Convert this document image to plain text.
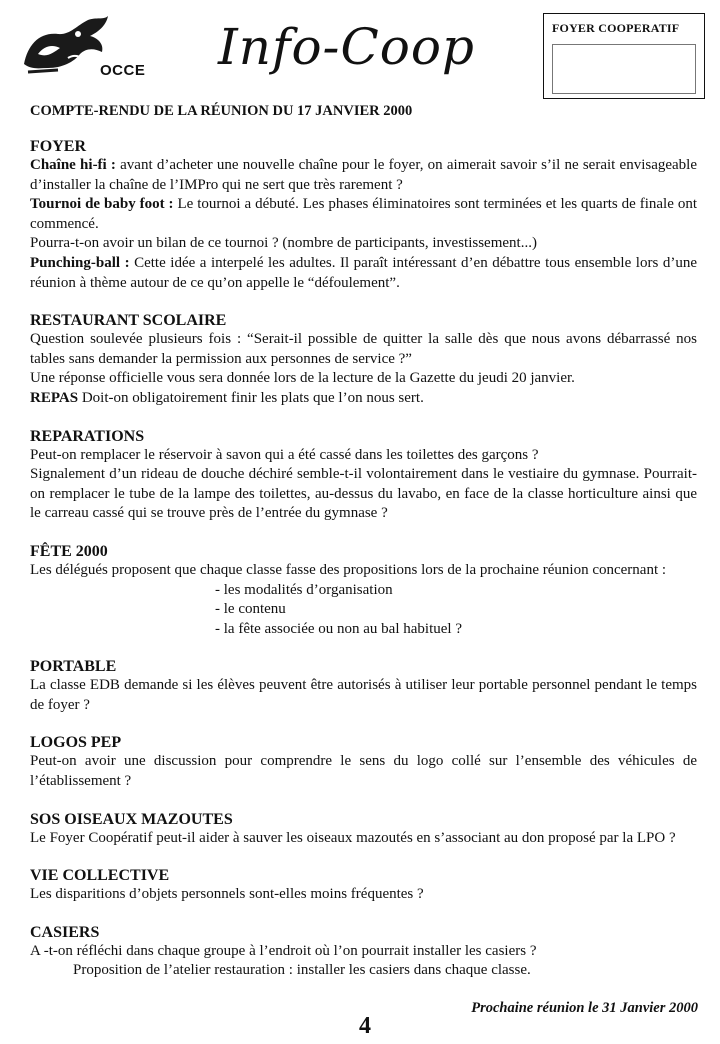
OCCE Info-Coop	FOYER COOPERATIF
COMPTE-RENDU DE LA RÉUNION DU 17 JANVIER 2000
FOYER

Chaîne hi-fi : avant d’acheter une nouvelle chaîne pour le foyer, on aimerait savoir s’il ne serait envisageable d’installer la chaîne de l’IMPro qui ne sert que très rarement ?

Tournoi de baby foot : Le tournoi a débuté. Les phases éliminatoires sont terminées et les quarts de finale ont commencé.

Pourra-t-on avoir un bilan de ce tournoi ? (nombre de participants, investissement...)

Punching-ball : Cette idée a interpelé les adultes. Il paraît intéressant d’en débattre tous ensemble lors d’une réunion à thème autour de ce qu’on appelle le “défoulement”.

RESTAURANT SCOLAIRE

Question soulevée plusieurs fois : “Serait-il possible de quitter la salle dès que nous avons débarrassé nos tables sans demander la permission aux personnes de service ?”

Une réponse officielle vous sera donnée lors de la lecture de la Gazette du jeudi 20 janvier.

REPAS Doit-on obligatoirement finir les plats que l’on nous sert.

REPARATIONS

Peut-on remplacer le réservoir à savon qui a été cassé dans les toilettes des garçons ?

Signalement d’un rideau de douche déchiré semble-t-il volontairement dans le vestiaire du gymnase. Pourrait-on remplacer le tube de la lampe des toilettes, au-dessus du lavabo, en face de la classe horticulture ainsi que le carreau cassé qui se trouve près de l’entrée du gymnase ?

FÊTE 2000

Les délégués proposent que chaque classe fasse des propositions lors de la prochaine réunion concernant :

- les modalités d’organisation
- le contenu
- la fête associée ou non au bal habituel ?
PORTABLE

La classe EDB demande si les élèves peuvent être autorisés à utiliser leur portable personnel pendant le temps de foyer ?

LOGOS PEP

Peut-on avoir une discussion pour comprendre le sens du logo collé sur l’ensemble des véhicules de l’établissement ?

SOS OISEAUX MAZOUTES

Le Foyer Coopératif peut-il aider à sauver les oiseaux mazoutés en s’associant au don proposé par la LPO ?

VIE COLLECTIVE

Les disparitions d’objets personnels sont-elles moins fréquentes ?

CASIERS

A -t-on réfléchi dans chaque groupe à l’endroit où l’on pourrait installer les casiers ?

Proposition de l’atelier restauration : installer les casiers dans chaque classe.

Prochaine réunion le 31 Janvier 2000
4
